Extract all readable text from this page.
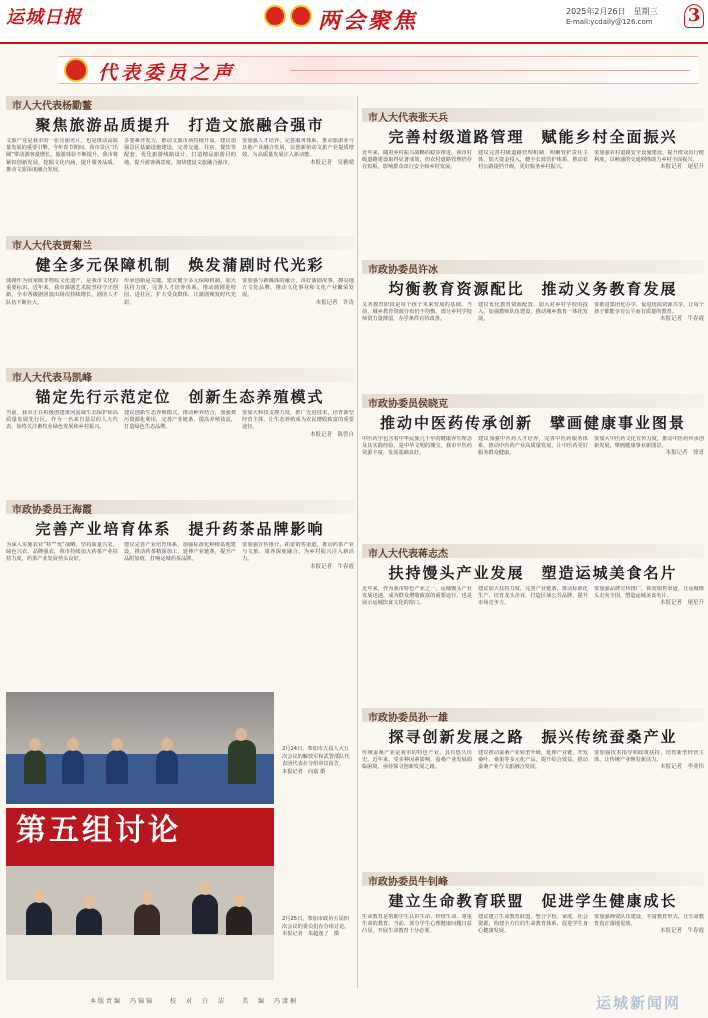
运城日报	两会聚焦	2025年2月26日　星期三
E-mail:ycdaily@126.com 3
代表委员之声
市人大代表杨勤鳌
聚焦旅游品质提升　打造文旅融合强市
文旅产业是我市的一张亮丽名片，也是推动高质量发展的重要引擎。今年春节期间，我市景区“出圈”带动游客量增长，旅游体验不断提升。我市将紧扣创新发展，挖掘文化内涵，提升服务品质，推动文旅深度融合发展。
多要素齐发力，推动文旅市场持续升温。建议加强景区基础设施建设，完善交通、住宿、餐饮等配套，优化旅游线路设计，打造精品旅游目的地，提升游客满意度，加快建设文旅融合强市。
要加强人才培养，完善服务体系，推动旅游业与其他产业融合发展，以创新驱动文旅产业提质增效，为高质量发展注入新动能。
本报记者　吴雅晴
市人大代表贾菊兰
健全多元保障机制　焕发蒲剧时代光彩
蒲剧作为国家级非物质文化遗产，是我市文化的重要标识。近年来，我市蒲剧艺术院坚持守正创新，全市各级剧团演出场次持续增长，剧团人才队伍不断壮大。
传承创新是关键。建议健全多元保障机制，加大扶持力度，完善人才培养体系，推动蒲剧进校园、进社区，扩大受众群体，让蒲剧焕发时代光彩。
要加强与新媒体的融合，讲好蒲剧故事，擦亮地方文化品牌，推动文化事业和文化产业繁荣发展。
本报记者　许涛
市人大代表马凯峰
锚定先行示范定位　创新生态养殖模式
当前，我市正在积极创建黄河流域生态保护和高质量发展先行区。作为一名来自基层的人大代表，始终关注畜牧业绿色发展和乡村振兴。
建议创新生态养殖模式，推动种养结合，加强粪污资源化利用，完善产业链条，提高养殖效益，打造绿色生态品牌。
要加大科技支撑力度，推广先进技术，培育新型经营主体，让生态养殖成为农民增收致富的重要途径。
本报记者　陈曾自
市政协委员王海霞
完善产业培育体系　提升药茶品牌影响
为深入实施农业“特”“优”战略，坚持质量兴农、绿色兴农、品牌强农，我市持续加大药茶产业扶持力度，药茶产业发展势头良好。
建议完善产业培育体系，加强标准化种植基地建设，推动药茶精深加工，延伸产业链条，提升产品附加值，打响运城药茶品牌。
要加强宣传推介，拓宽销售渠道，推动药茶产业与文旅、康养深度融合，为乡村振兴注入新活力。
本报记者　牛春霞
2月24日，参加市五届人大五次会议的解放军和武警部队代表团代表在分组审议报告。　本报记者　向嘉 摄
第五组讨论
2月25日，参加市政协五届四次会议的委员们在分组讨论。　本报记者　朱超逸了　摄
市人大代表张天兵
完善村级道路管理　赋能乡村全面振兴
近年来，随着乡村振兴战略的稳步推进，我市村级道路建设取得显著成效，但农村道路管理仍存在短板，影响群众出行安全和乡村发展。
建议完善村级道路管理机制，明确管护责任主体，加大资金投入，健全长效管护体系，推动农村公路提档升级，更好服务乡村振兴。
要加强农村道路安全设施建设，提升群众出行便利度，以畅通的交通网络助力乡村全面振兴。
本报记者　尾星升
市政协委员许冰
均衡教育资源配比　推动义务教育发展
义务教育阶段是每个孩子未来发展的基础。当前，城乡教育资源分布仍不均衡，部分乡村学校师资力量薄弱，办学条件有待改善。
建议优化教育资源配置，加大对乡村学校的投入，加强教师队伍建设，推动城乡教育一体化发展。
要推进集团化办学，促进优质资源共享，让每个孩子都能享有公平而有质量的教育。
本报记者　牛春霞
市政协委员侯晓克
推动中医药传承创新　擘画健康事业图景
中医药学包含着中华民族几千年的健康养生理念及其实践经验，是中华文明的瑰宝。我市中医药资源丰富，发展基础良好。
建议加强中医药人才培养，完善中医药服务体系，推动中医药产业高质量发展，让中医药更好服务群众健康。
要加大中医药文化宣传力度，推动中医药传承创新发展，擘画健康事业新图景。
本报记者　徐青
市人大代表蒋志杰
扶持馒头产业发展　塑造运城美食名片
近年来，作为我市特色产业之一，运城馒头产业发展迅速，成为群众增收致富的重要途径，也是展示运城饮食文化的窗口。
建议加大扶持力度，完善产业链条，推动标准化生产，培育龙头企业，打造区域公共品牌，提升市场竞争力。
要加强品牌宣传推广，拓宽销售渠道，让运城馒头走向全国，塑造运城美食名片。
本报记者　尾星升
市政协委员孙一雄
探寻创新发展之路　振兴传统蚕桑产业
传统蚕桑产业是我市的特色产业，具有悠久历史。近年来，受多种因素影响，蚕桑产业发展面临困境，亟待探寻创新发展之路。
建议推动蚕桑产业转型升级，延伸产业链，开发桑叶、桑果等多元化产品，提升综合效益，推动蚕桑产业与文旅融合发展。
要加强技术指导和政策扶持，培育新型经营主体，让传统产业焕发新活力。
本报记者　李亚伟
市政协委员牛钊峰
建立生命教育联盟　促进学生健康成长
生命教育是帮助学生认识生命、珍惜生命、尊重生命的教育。当前，部分学生心理健康问题日益凸显，开展生命教育十分必要。
建议建立生命教育联盟，整合学校、家庭、社会资源，构建全方位的生命教育体系，促进学生身心健康发展。
要加强师资队伍建设，丰富教育形式，让生命教育真正落地见效。
本报记者　牛春霞
本版责编　冯锦锦　　校　对　白　洁　　美　编　冯潇桐	运城新闻网
